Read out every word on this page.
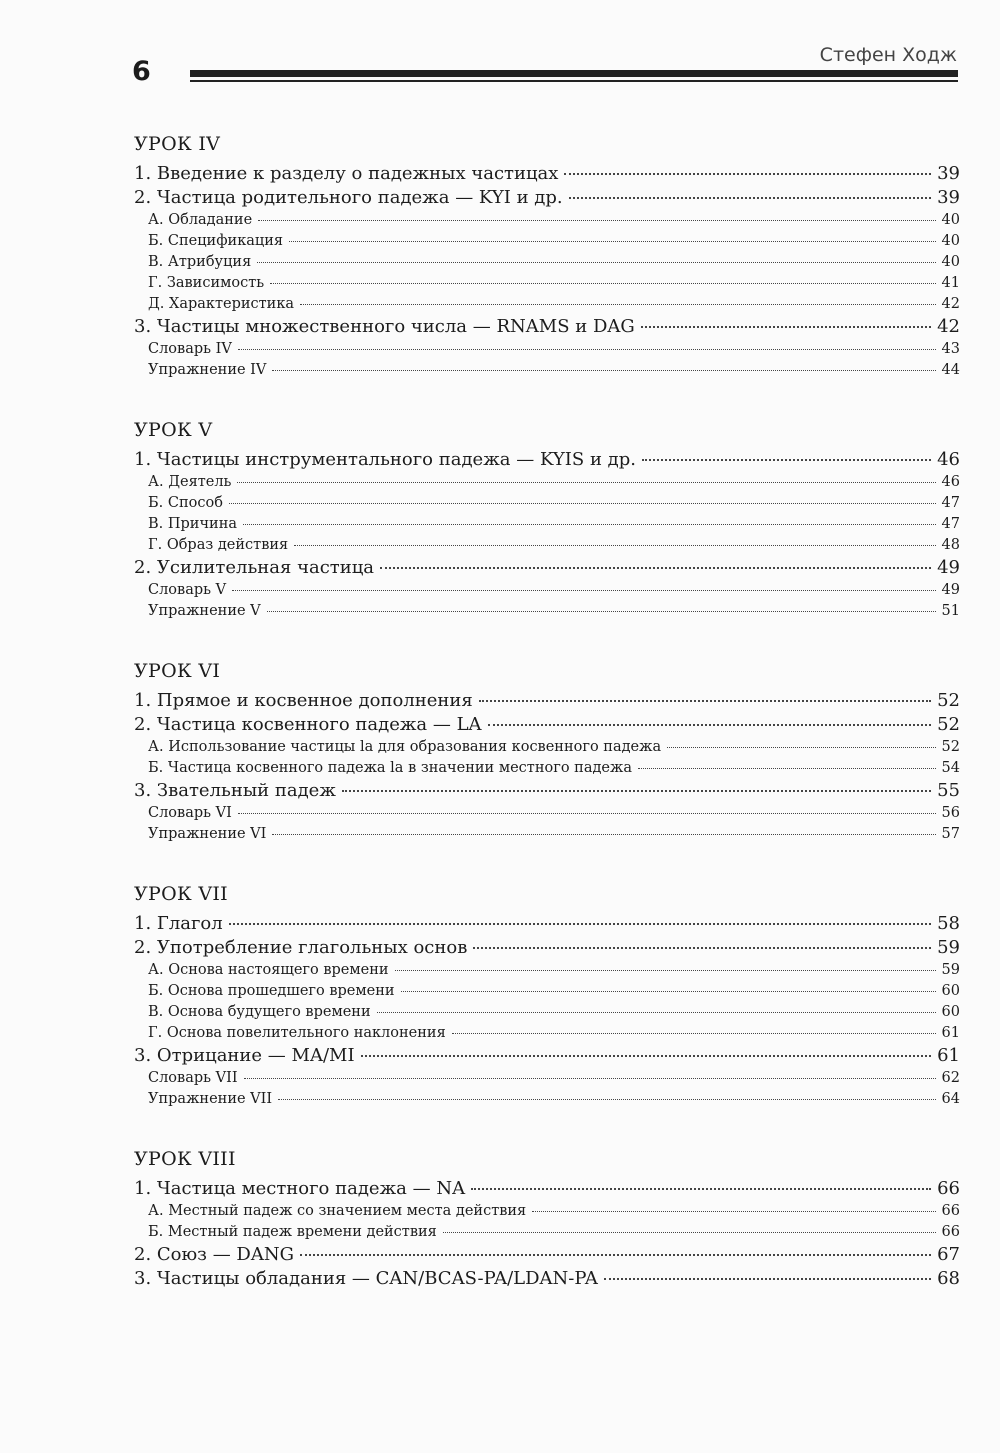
6
Стефен Ходж
УРОК IV
1. Введение к разделу о падежных частицах	39
2. Частица родительного падежа — KYI и др.	39
А. Обладание	40
Б. Спецификация	40
В. Атрибуция	40
Г. Зависимость	41
Д. Характеристика	42
3. Частицы множественного числа — RNAMS и DAG	42
Словарь IV	43
Упражнение IV	44
УРОК V
1. Частицы инструментального падежа — KYIS и др.	46
А. Деятель	46
Б. Способ	47
В. Причина	47
Г. Образ действия	48
2. Усилительная частица	49
Словарь V	49
Упражнение V	51
УРОК VI
1. Прямое и косвенное дополнения	52
2. Частица косвенного падежа — LA	52
А. Использование частицы la для образования косвенного падежа	52
Б. Частица косвенного падежа la в значении местного падежа	54
3. Звательный падеж	55
Словарь VI	56
Упражнение VI	57
УРОК VII
1. Глагол	58
2. Употребление глагольных основ	59
А. Основа настоящего времени	59
Б. Основа прошедшего времени	60
В. Основа будущего времени	60
Г. Основа повелительного наклонения	61
3. Отрицание — MA/MI	61
Словарь VII	62
Упражнение VII	64
УРОК VIII
1. Частица местного падежа — NA	66
А. Местный падеж со значением места действия	66
Б. Местный падеж времени действия	66
2. Союз — DANG	67
3. Частицы обладания — CAN/BCAS-PA/LDAN-PA	68
